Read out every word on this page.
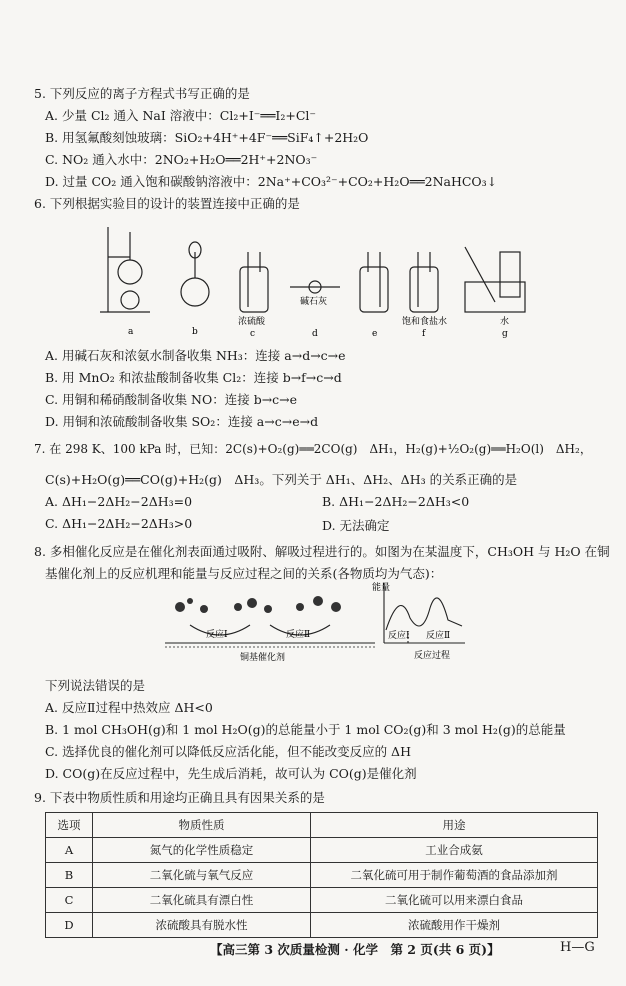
5. 下列反应的离子方程式书写正确的是
A. 少量 Cl₂ 通入 NaI 溶液中：Cl₂+I⁻══I₂+Cl⁻
B. 用氢氟酸刻蚀玻璃：SiO₂+4H⁺+4F⁻══SiF₄↑+2H₂O
C. NO₂ 通入水中：2NO₂+H₂O══2H⁺+2NO₃⁻
D. 过量 CO₂ 通入饱和碳酸钠溶液中：2Na⁺+CO₃²⁻+CO₂+H₂O══2NaHCO₃↓
6. 下列根据实验目的设计的装置连接中正确的是
a	b
浓硫酸
c
碱石灰
d	e
饱和食盐水
f
水
g
A. 用碱石灰和浓氨水制备收集 NH₃：连接 a→d→c→e
B. 用 MnO₂ 和浓盐酸制备收集 Cl₂：连接 b→f→c→d
C. 用铜和稀硝酸制备收集 NO：连接 b→c→e
D. 用铜和浓硫酸制备收集 SO₂：连接 a→c→e→d
7. 在 298 K、100 kPa 时，已知：2C(s)+O₂(g)══2CO(g)　ΔH₁，H₂(g)+½O₂(g)══H₂O(l)　ΔH₂，
C(s)+H₂O(g)══CO(g)+H₂(g)　ΔH₃。下列关于 ΔH₁、ΔH₂、ΔH₃ 的关系正确的是
A. ΔH₁−2ΔH₂−2ΔH₃=0	B. ΔH₁−2ΔH₂−2ΔH₃<0
C. ΔH₁−2ΔH₂−2ΔH₃>0	D. 无法确定
8. 多相催化反应是在催化剂表面通过吸附、解吸过程进行的。如图为在某温度下，CH₃OH 与 H₂O 在铜
基催化剂上的反应机理和能量与反应过程之间的关系(各物质均为气态)：
反应Ⅰ	反应Ⅱ
铜基催化剂
能量
反应Ⅰ 反应Ⅱ
反应过程
下列说法错误的是
A. 反应Ⅱ过程中热效应 ΔH<0
B. 1 mol CH₃OH(g)和 1 mol H₂O(g)的总能量小于 1 mol CO₂(g)和 3 mol H₂(g)的总能量
C. 选择优良的催化剂可以降低反应活化能，但不能改变反应的 ΔH
D. CO(g)在反应过程中，先生成后消耗，故可认为 CO(g)是催化剂
9. 下表中物质性质和用途均正确且具有因果关系的是
选项	物质性质	用途
A	氮气的化学性质稳定	工业合成氨
B	二氧化硫与氧气反应	二氧化硫可用于制作葡萄酒的食品添加剂
C	二氧化硫具有漂白性	二氧化硫可以用来漂白食品
D	浓硫酸具有脱水性	浓硫酸用作干燥剂
【高三第 3 次质量检测 · 化学　第 2 页(共 6 页)】	H—G
